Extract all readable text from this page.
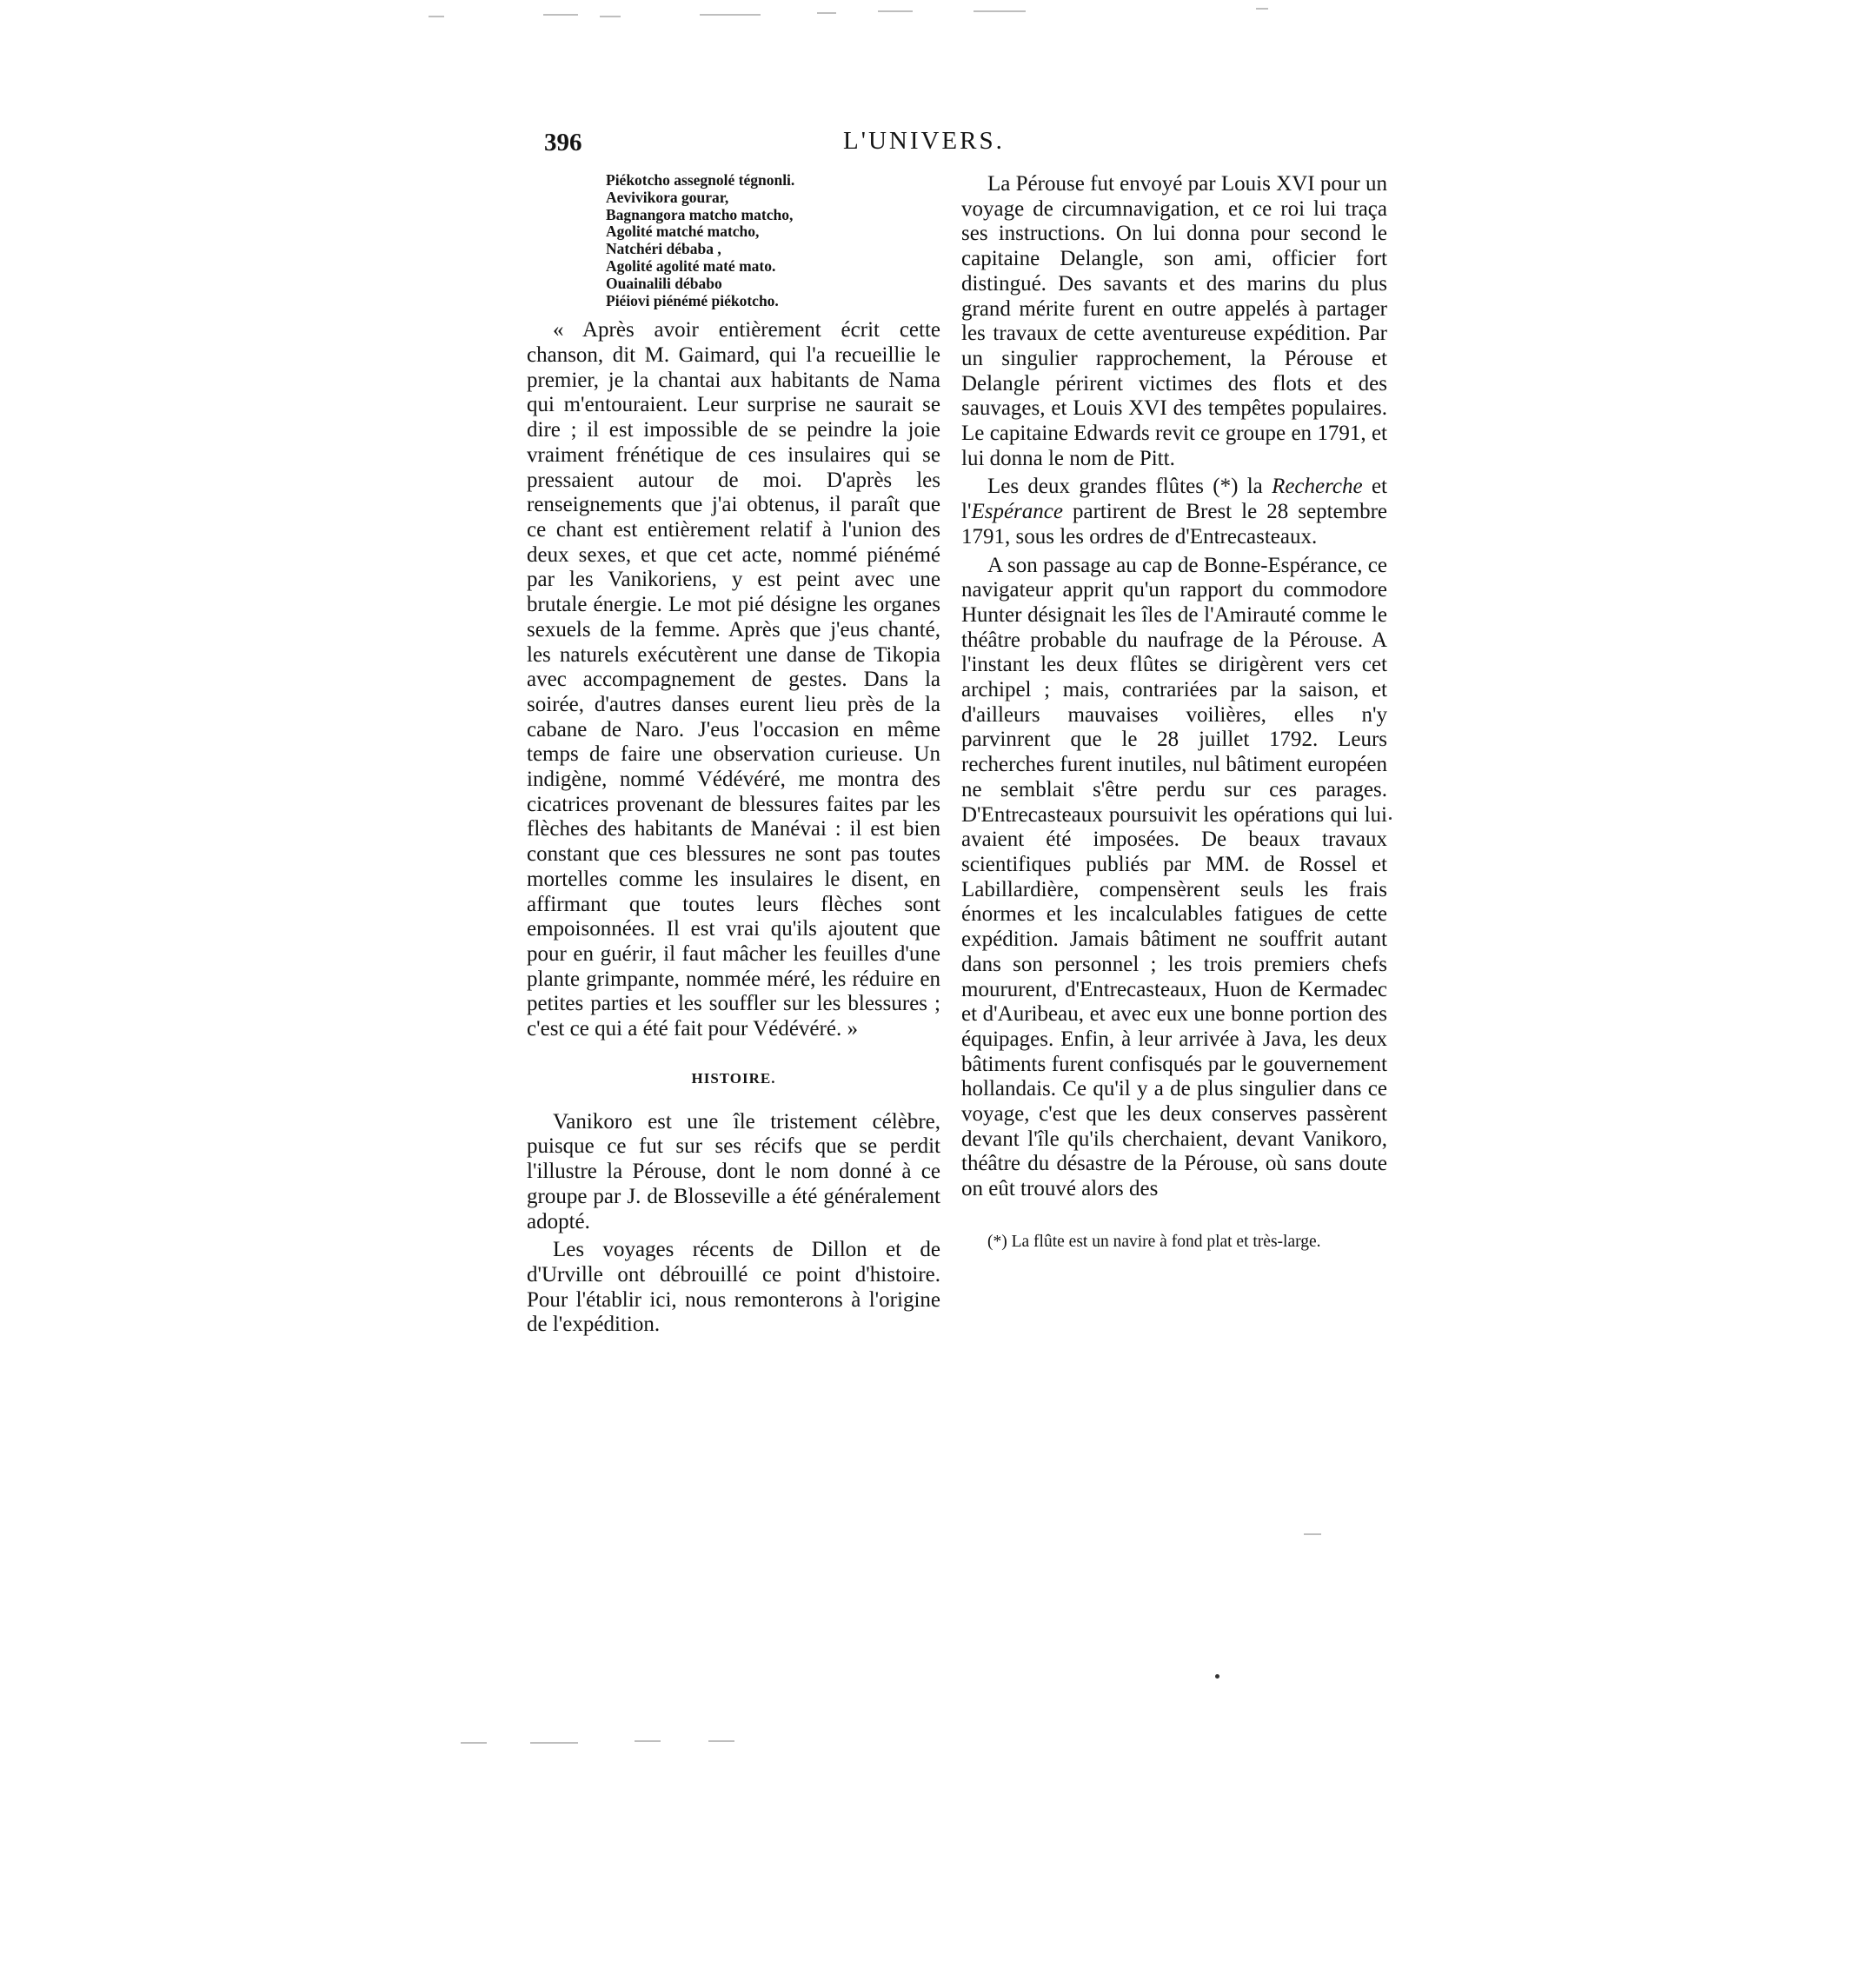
396	L'UNIVERS.
Piékotcho assegnolé tégnonli.
Aevivikora gourar,
Bagnangora matcho matcho,
Agolité matché matcho,
Natchéri débaba ,
Agolité agolité maté mato.
Ouainalili débabo
Piéiovi piénémé piékotcho.

« Après avoir entièrement écrit cette chanson, dit M. Gaimard, qui l'a recueillie le premier, je la chantai aux habitants de Nama qui m'entouraient. Leur surprise ne saurait se dire ; il est impossible de se peindre la joie vraiment frénétique de ces insulaires qui se pressaient autour de moi. D'après les renseignements que j'ai obtenus, il paraît que ce chant est entièrement relatif à l'union des deux sexes, et que cet acte, nommé piénémé par les Vanikoriens, y est peint avec une brutale énergie. Le mot pié désigne les organes sexuels de la femme. Après que j'eus chanté, les naturels exécutèrent une danse de Tikopia avec accompagnement de gestes. Dans la soirée, d'autres danses eurent lieu près de la cabane de Naro. J'eus l'occasion en même temps de faire une observation curieuse. Un indigène, nommé Védévéré, me montra des cicatrices provenant de blessures faites par les flèches des habitants de Manévai : il est bien constant que ces blessures ne sont pas toutes mortelles comme les insulaires le disent, en affirmant que toutes leurs flèches sont empoisonnées. Il est vrai qu'ils ajoutent que pour en guérir, il faut mâcher les feuilles d'une plante grimpante, nommée méré, les réduire en petites parties et les souffler sur les blessures ; c'est ce qui a été fait pour Védévéré. »

HISTOIRE.

Vanikoro est une île tristement célèbre, puisque ce fut sur ses récifs que se perdit l'illustre la Pérouse, dont le nom donné à ce groupe par J. de Blosseville a été généralement adopté.

Les voyages récents de Dillon et de d'Urville ont débrouillé ce point d'histoire. Pour l'établir ici, nous remonterons à l'origine de l'expédition.

La Pérouse fut envoyé par Louis XVI pour un voyage de circumnavigation, et ce roi lui traça ses instructions. On lui donna pour second le capitaine Delangle, son ami, officier fort distingué. Des savants et des marins du plus grand mérite furent en outre appelés à partager les travaux de cette aventureuse expédition. Par un singulier rapprochement, la Pérouse et Delangle périrent victimes des flots et des sauvages, et Louis XVI des tempêtes populaires. Le capitaine Edwards revit ce groupe en 1791, et lui donna le nom de Pitt.

Les deux grandes flûtes (*) la Recherche et l'Espérance partirent de Brest le 28 septembre 1791, sous les ordres de d'Entrecasteaux.

A son passage au cap de Bonne-Espérance, ce navigateur apprit qu'un rapport du commodore Hunter désignait les îles de l'Amirauté comme le théâtre probable du naufrage de la Pérouse. A l'instant les deux flûtes se dirigèrent vers cet archipel ; mais, contrariées par la saison, et d'ailleurs mauvaises voilières, elles n'y parvinrent que le 28 juillet 1792. Leurs recherches furent inutiles, nul bâtiment européen ne semblait s'être perdu sur ces parages. D'Entrecasteaux poursuivit les opérations qui lui avaient été imposées. De beaux travaux scientifiques publiés par MM. de Rossel et Labillardière, compensèrent seuls les frais énormes et les incalculables fatigues de cette expédition. Jamais bâtiment ne souffrit autant dans son personnel ; les trois premiers chefs moururent, d'Entrecasteaux, Huon de Kermadec et d'Auribeau, et avec eux une bonne portion des équipages. Enfin, à leur arrivée à Java, les deux bâtiments furent confisqués par le gouvernement hollandais. Ce qu'il y a de plus singulier dans ce voyage, c'est que les deux conserves passèrent devant l'île qu'ils cherchaient, devant Vanikoro, théâtre du désastre de la Pérouse, où sans doute on eût trouvé alors des

(*) La flûte est un navire à fond plat et très-large.
